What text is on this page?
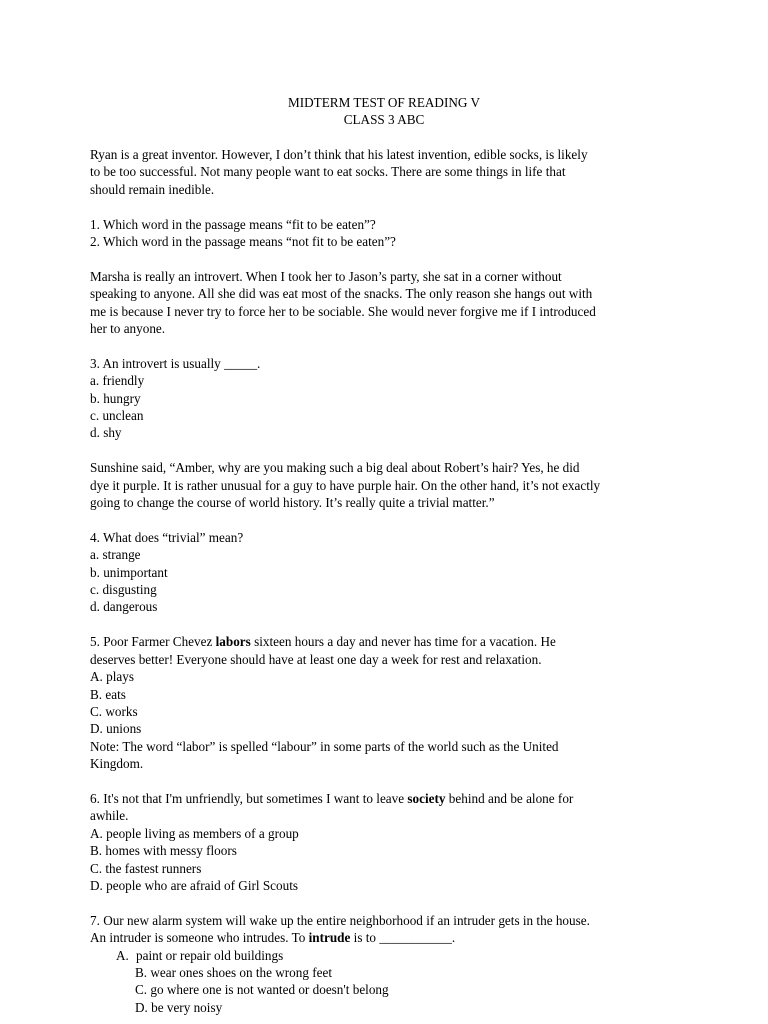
MIDTERM TEST OF READING V
CLASS 3 ABC

Ryan is a great inventor. However, I don’t think that his latest invention, edible socks, is likely

to be too successful. Not many people want to eat socks. There are some things in life that

should remain inedible.

1. Which word in the passage means “fit to be eaten”?

2. Which word in the passage means “not fit to be eaten”?

Marsha is really an introvert. When I took her to Jason’s party, she sat in a corner without

speaking to anyone. All she did was eat most of the snacks. The only reason she hangs out with

me is because I never try to force her to be sociable. She would never forgive me if I introduced

her to anyone.

3. An introvert is usually _____.

a. friendly

b. hungry

c. unclean

d. shy

Sunshine said, “Amber, why are you making such a big deal about Robert’s hair? Yes, he did

dye it purple. It is rather unusual for a guy to have purple hair. On the other hand, it’s not exactly

going to change the course of world history. It’s really quite a trivial matter.”

4. What does “trivial” mean?

a. strange

b. unimportant

c. disgusting

d. dangerous

5. Poor Farmer Chevez labors sixteen hours a day and never has time for a vacation. He

deserves better! Everyone should have at least one day a week for rest and relaxation.

A. plays

B. eats

C. works

D. unions

Note: The word “labor” is spelled “labour” in some parts of the world such as the United

Kingdom.

6. It's not that I'm unfriendly, but sometimes I want to leave society behind and be alone for

awhile.

A. people living as members of a group

B. homes with messy floors

C. the fastest runners

D. people who are afraid of Girl Scouts

7. Our new alarm system will wake up the entire neighborhood if an intruder gets in the house.

An intruder is someone who intrudes. To intrude is to ___________.

A. paint or repair old buildings

B. wear ones shoes on the wrong feet

C. go where one is not wanted or doesn't belong

D. be very noisy
